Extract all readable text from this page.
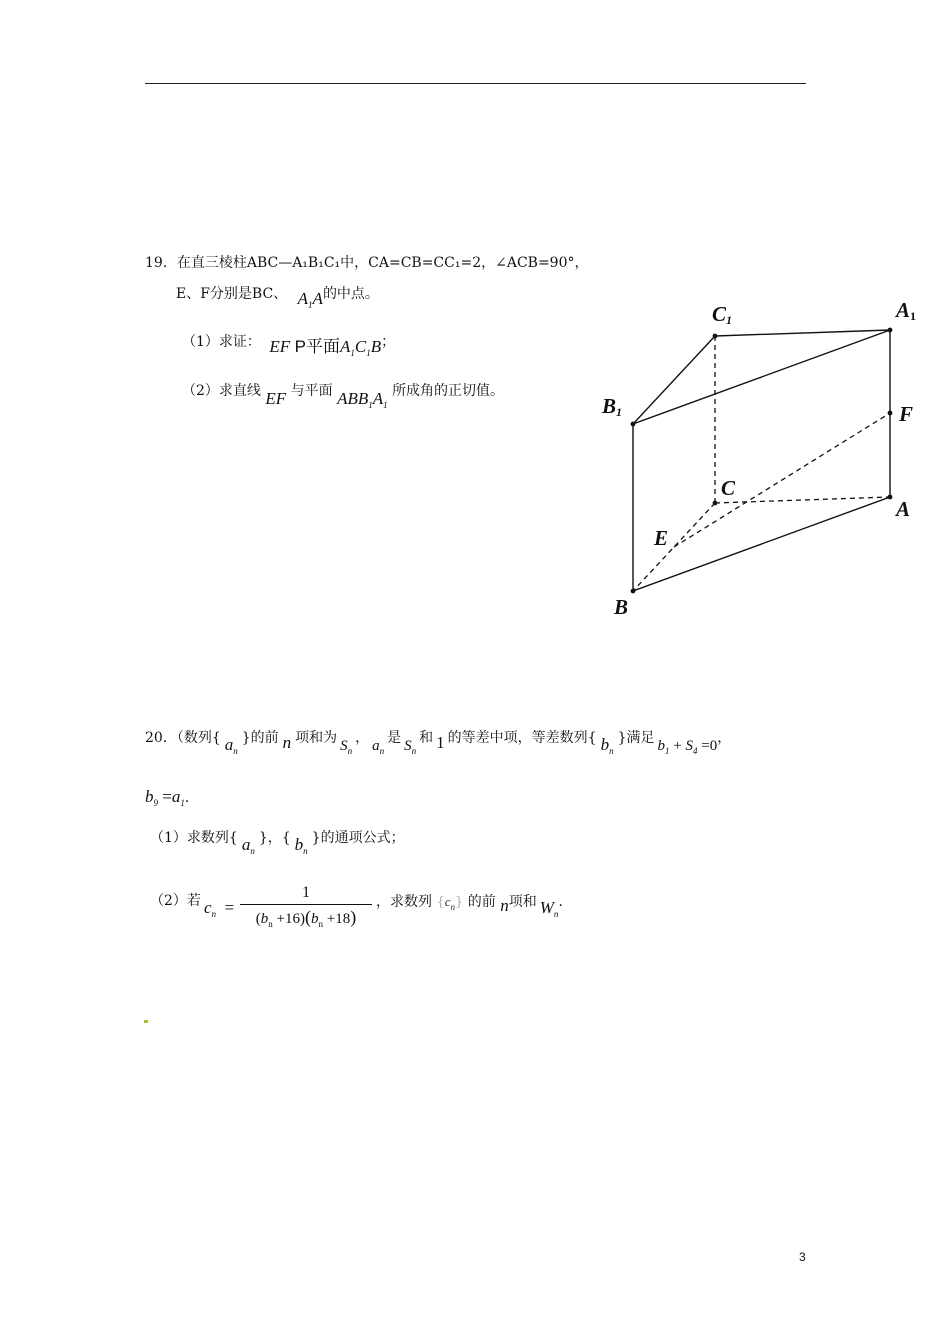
19．在直三棱柱ABC—A₁B₁C₁中，CA=CB=CC₁=2，∠ACB=90°，
E、F分别是BC、 $A_1A$的中点。
（1）求证： EF P平面$A_1C_1B$；
（2）求直线 EF 与平面 $ABB_1A_1$ 所成角的正切值。
$C_1$	$A_1$
$B_1$	F
C
A
E
B
20．（数列{ $a_n$}的前 n 项和为 $S_n$， $a_n$是 $S_n$和 1 的等差中项，等差数列{ $b_n$}满足 $b_1 + S_4 =0$，
$b_9 =a_1$．
（1）求数列{ $a_n$}，{ $b_n$}的通项公式；
（2）若 $c_n$  =
1
$(b_n +16)(b_n +18)$
，求数列 $\{c_n\}$ 的前 n项和 $W_n$.
3
